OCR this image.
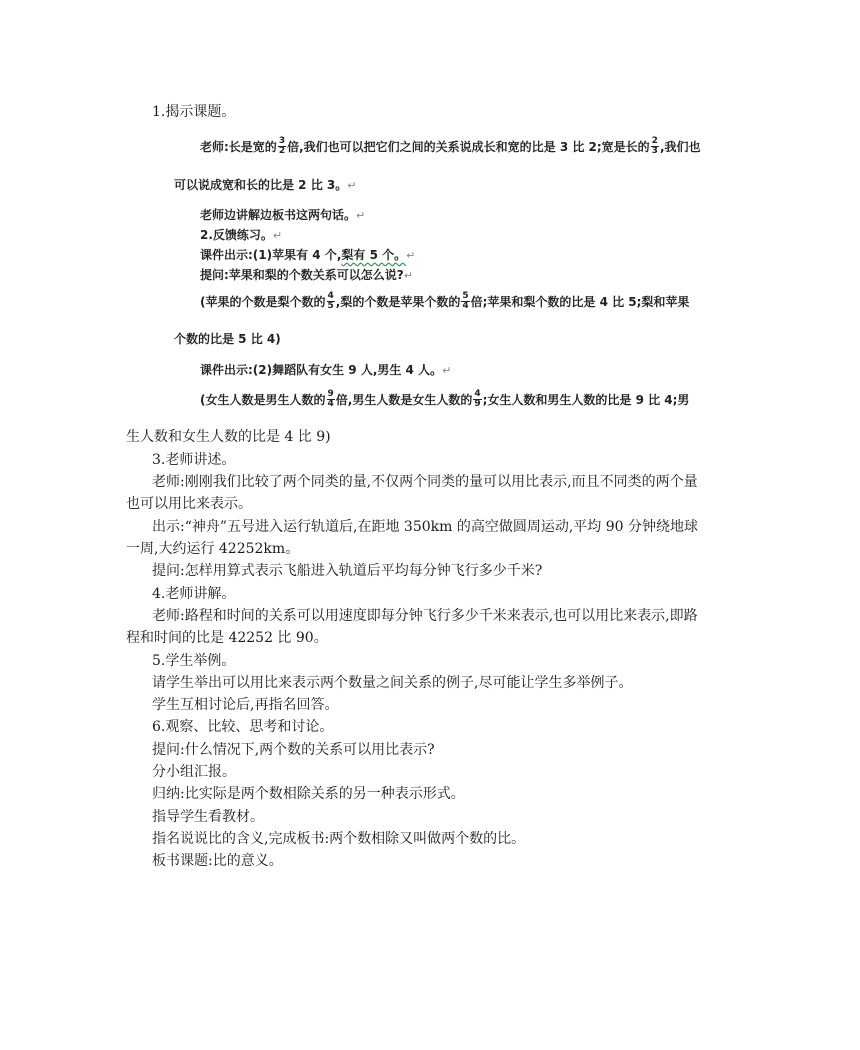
1.揭示课题。
老师:长是宽的 $\frac{3}{2}$ 倍,我们也可以把它们之间的关系说成长和宽的比是 3 比 2;宽是长的 $\frac{2}{3}$ ,我们也
可以说成宽和长的比是 2 比 3。↵
老师边讲解边板书这两句话。↵
2.反馈练习。↵
课件出示:(1)苹果有 4 个,梨有 5 个。↵
提问:苹果和梨的个数关系可以怎么说?↵
(苹果的个数是梨个数的 $\frac{4}{5}$ ,梨的个数是苹果个数的 $\frac{5}{4}$ 倍;苹果和梨个数的比是 4 比 5;梨和苹果
个数的比是 5 比 4)
课件出示:(2)舞蹈队有女生 9 人,男生 4 人。↵
(女生人数是男生人数的 $\frac{9}{4}$ 倍,男生人数是女生人数的 $\frac{4}{9}$ ;女生人数和男生人数的比是 9 比 4;男
生人数和女生人数的比是 4 比 9)
3.老师讲述。
老师:刚刚我们比较了两个同类的量,不仅两个同类的量可以用比表示,而且不同类的两个量
也可以用比来表示。
出示:“神舟”五号进入运行轨道后,在距地 350km 的高空做圆周运动,平均 90 分钟绕地球
一周,大约运行 42252km。
提问:怎样用算式表示飞船进入轨道后平均每分钟飞行多少千米?
4.老师讲解。
老师:路程和时间的关系可以用速度即每分钟飞行多少千米来表示,也可以用比来表示,即路
程和时间的比是 42252 比 90。
5.学生举例。
请学生举出可以用比来表示两个数量之间关系的例子,尽可能让学生多举例子。
学生互相讨论后,再指名回答。
6.观察、比较、思考和讨论。
提问:什么情况下,两个数的关系可以用比表示?
分小组汇报。
归纳:比实际是两个数相除关系的另一种表示形式。
指导学生看教材。
指名说说比的含义,完成板书:两个数相除又叫做两个数的比。
板书课题:比的意义。
